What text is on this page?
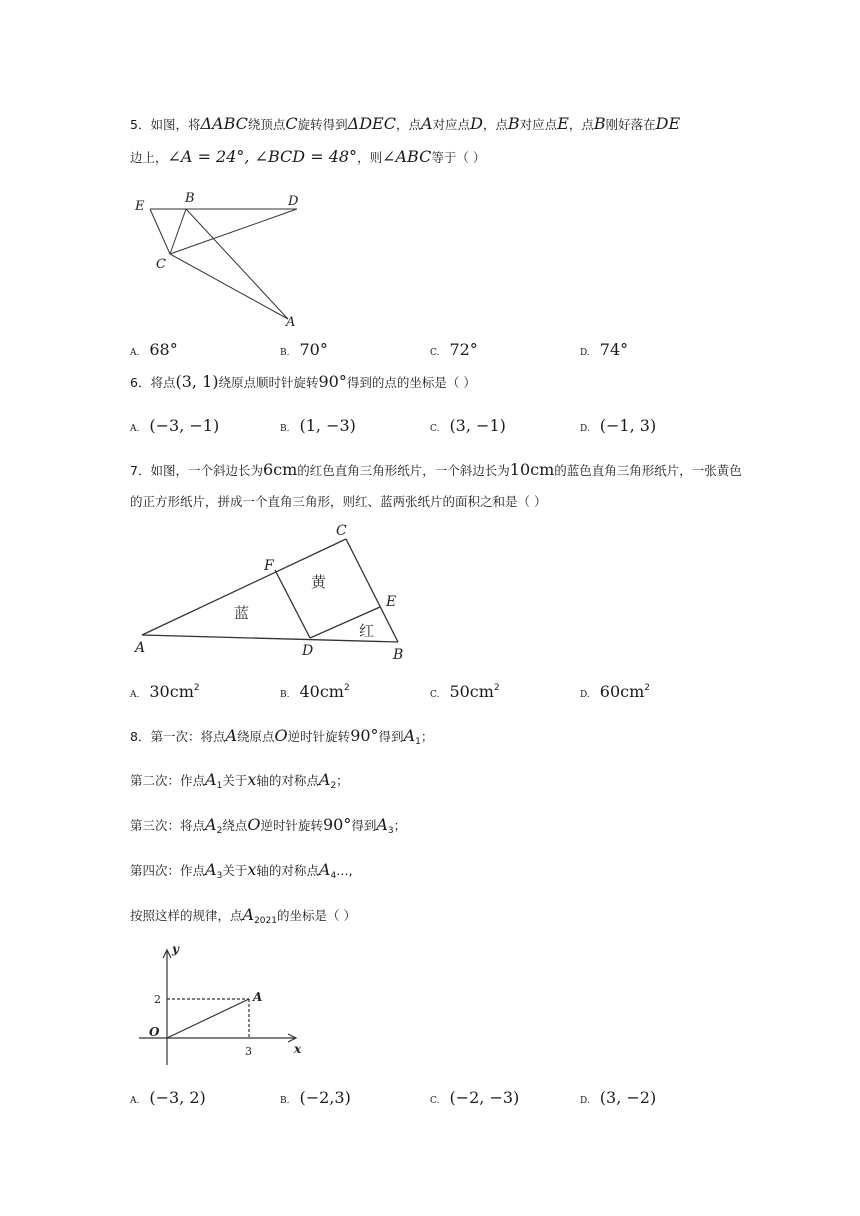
5．如图，将ΔABC绕顶点C旋转得到ΔDEC，点A对应点D，点B对应点E，点B刚好落在DE
边上，∠A = 24°, ∠BCD = 48°，则∠ABC等于（ ）
E
B	D
C
A
A. 68°	B. 70°	C. 72°	D. 74°
6．将点(3, 1)绕原点顺时针旋转90°得到的点的坐标是（ ）
A. (−3, −1)	B. (1, −3)	C. (3, −1)	D. (−1, 3)
7．如图，一个斜边长为6cm的红色直角三角形纸片，一个斜边长为10cm的蓝色直角三角形纸片，一张黄色
的正方形纸片，拼成一个直角三角形，则红、蓝两张纸片的面积之和是（ ）
C
F
E
A	D	B
蓝
黄
红
A. $30cm^2$
B. $40cm^2$
C. $50cm^2$
D. $60cm^2$
8．第一次：将点A绕原点O逆时针旋转90°得到$A_1$；
第二次：作点$A_1$关于x轴的对称点$A_2$；
第三次：将点$A_2$绕点O逆时针旋转90°得到$A_3$；
第四次：作点$A_3$关于x轴的对称点$A_4\dots$,
按照这样的规律，点$A_{2021}$的坐标是（ ）
y
x
O
A
2
3
A. (−3, 2)	B. (−2,3)	C. (−2, −3)	D. (3, −2)
